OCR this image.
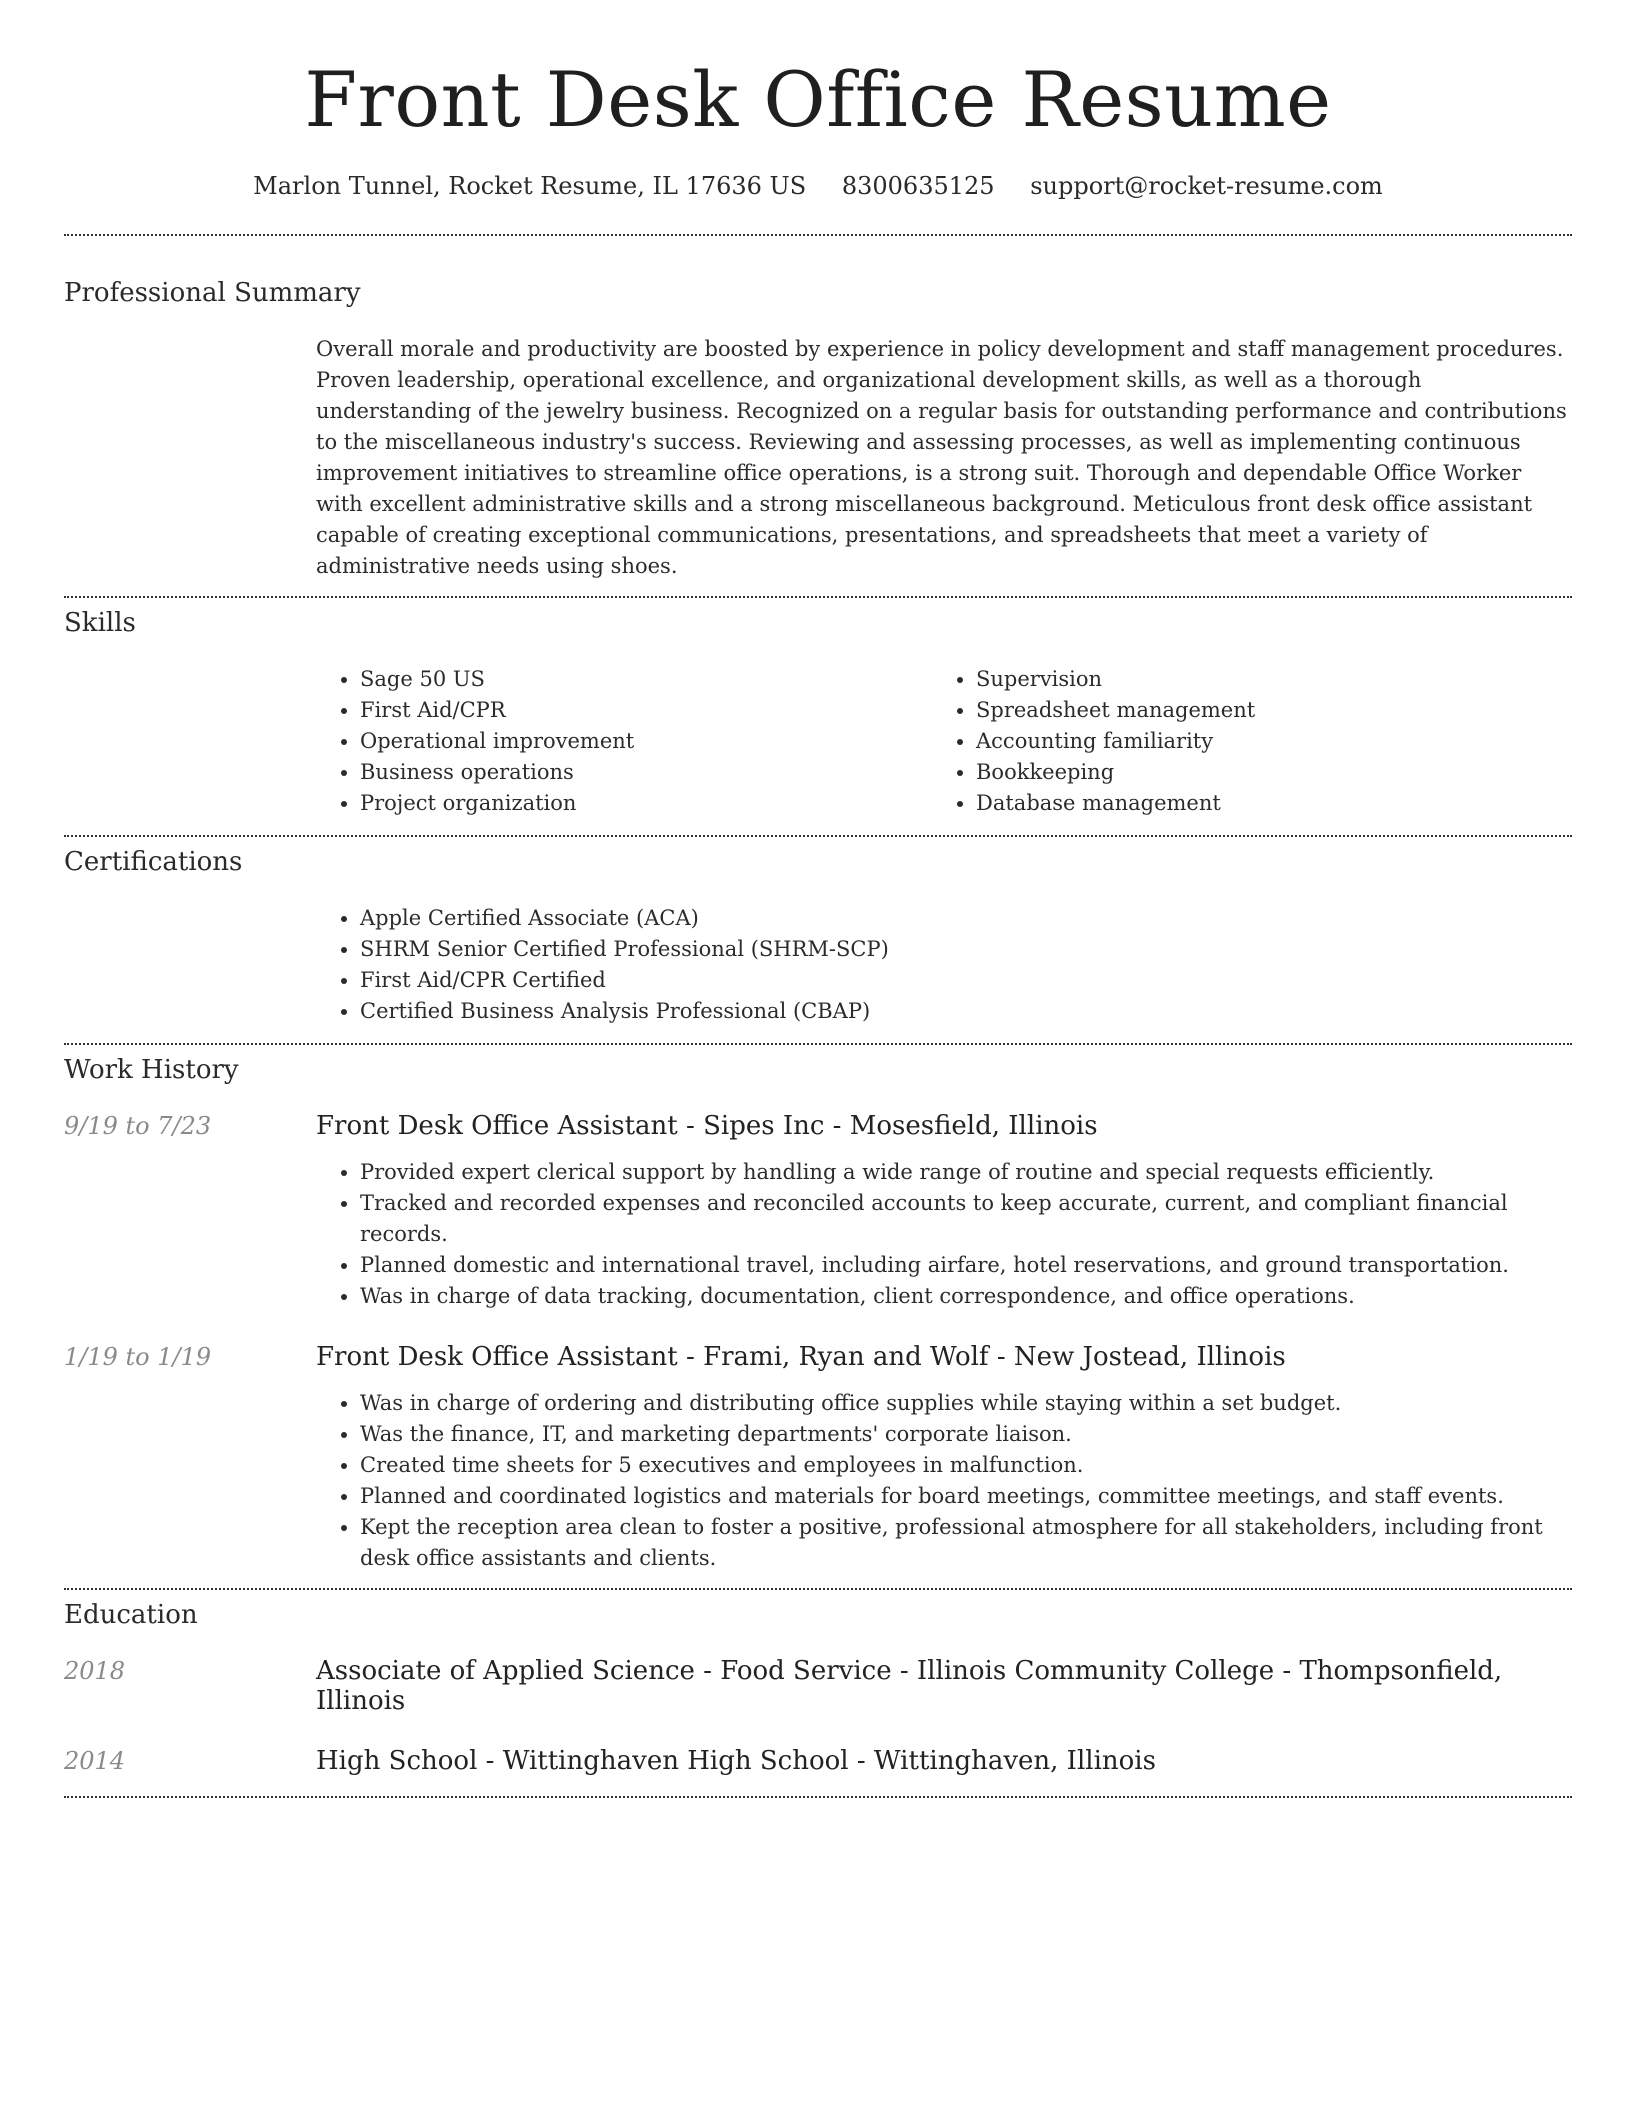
Front Desk Office Resume
Marlon Tunnel, Rocket Resume, IL 17636 US 8300635125 support@rocket-resume.com
Professional Summary
Overall morale and productivity are boosted by experience in policy development and staff management procedures. Proven leadership, operational excellence, and organizational development skills, as well as a thorough understanding of the jewelry business. Recognized on a regular basis for outstanding performance and contributions to the miscellaneous industry's success. Reviewing and assessing processes, as well as implementing continuous improvement initiatives to streamline office operations, is a strong suit. Thorough and dependable Office Worker with excellent administrative skills and a strong miscellaneous background. Meticulous front desk office assistant capable of creating exceptional communications, presentations, and spreadsheets that meet a variety of administrative needs using shoes.
Skills
• Sage 50 US
• First Aid/CPR
• Operational improvement
• Business operations
• Project organization
• Supervision
• Spreadsheet management
• Accounting familiarity
• Bookkeeping
• Database management
Certifications
• Apple Certified Associate (ACA)
• SHRM Senior Certified Professional (SHRM-SCP)
• First Aid/CPR Certified
• Certified Business Analysis Professional (CBAP)
Work History
9/19 to 7/23	Front Desk Office Assistant - Sipes Inc - Mosesfield, Illinois
• Provided expert clerical support by handling a wide range of routine and special requests efficiently.
• Tracked and recorded expenses and reconciled accounts to keep accurate, current, and compliant financial records.
• Planned domestic and international travel, including airfare, hotel reservations, and ground transportation.
• Was in charge of data tracking, documentation, client correspondence, and office operations.
1/19 to 1/19	Front Desk Office Assistant - Frami, Ryan and Wolf - New Jostead, Illinois
• Was in charge of ordering and distributing office supplies while staying within a set budget.
• Was the finance, IT, and marketing departments' corporate liaison.
• Created time sheets for 5 executives and employees in malfunction.
• Planned and coordinated logistics and materials for board meetings, committee meetings, and staff events.
• Kept the reception area clean to foster a positive, professional atmosphere for all stakeholders, including front desk office assistants and clients.
Education
2018	Associate of Applied Science - Food Service - Illinois Community College - Thompsonfield, Illinois
2014	High School - Wittinghaven High School - Wittinghaven, Illinois
